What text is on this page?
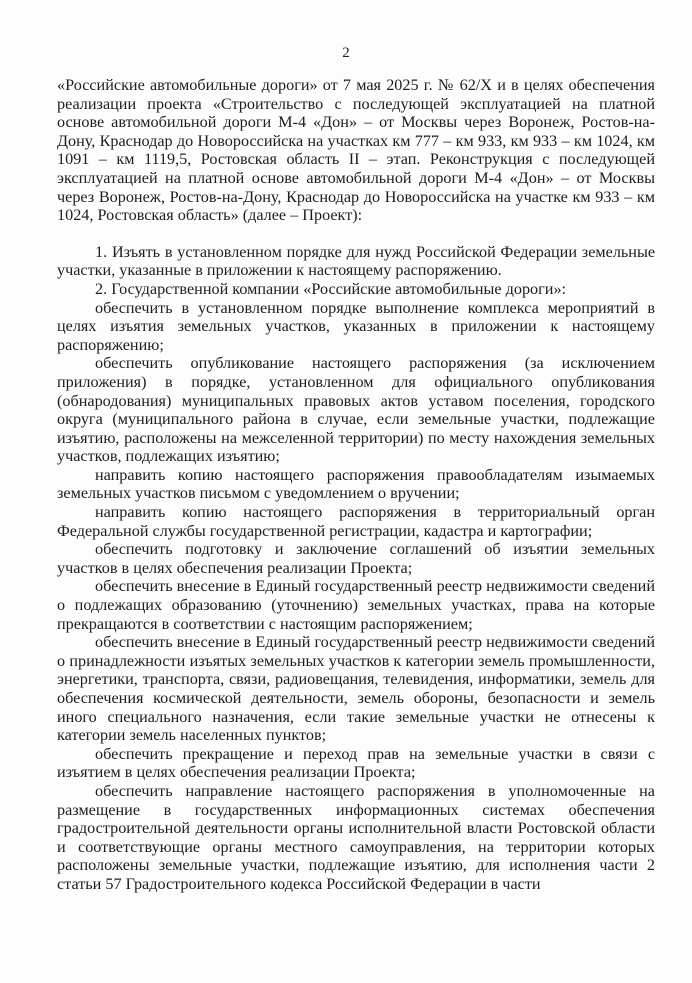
2

«Российские автомобильные дороги» от 7 мая 2025 г. № 62/Х и в целях обеспечения реализации проекта «Строительство с последующей эксплуатацией на платной основе автомобильной дороги М-4 «Дон» – от Москвы через Воронеж, Ростов-на-Дону, Краснодар до Новороссийска на участках км 777 – км 933, км 933 – км 1024, км 1091 – км 1119,5, Ростовская область II – этап. Реконструкция с последующей эксплуатацией на платной основе автомобильной дороги М-4 «Дон» – от Москвы через Воронеж, Ростов-на-Дону, Краснодар до Новороссийска на участке км 933 – км 1024, Ростовская область» (далее – Проект):

1. Изъять в установленном порядке для нужд Российской Федерации земельные участки, указанные в приложении к настоящему распоряжению.

2. Государственной компании «Российские автомобильные дороги»:

обеспечить в установленном порядке выполнение комплекса мероприятий в целях изъятия земельных участков, указанных в приложении к настоящему распоряжению;

обеспечить опубликование настоящего распоряжения (за исключением приложения) в порядке, установленном для официального опубликования (обнародования) муниципальных правовых актов уставом поселения, городского округа (муниципального района в случае, если земельные участки, подлежащие изъятию, расположены на межселенной территории) по месту нахождения земельных участков, подлежащих изъятию;

направить копию настоящего распоряжения правообладателям изымаемых земельных участков письмом с уведомлением о вручении;

направить копию настоящего распоряжения в территориальный орган Федеральной службы государственной регистрации, кадастра и картографии;

обеспечить подготовку и заключение соглашений об изъятии земельных участков в целях обеспечения реализации Проекта;

обеспечить внесение в Единый государственный реестр недвижимости сведений о подлежащих образованию (уточнению) земельных участках, права на которые прекращаются в соответствии с настоящим распоряжением;

обеспечить внесение в Единый государственный реестр недвижимости сведений о принадлежности изъятых земельных участков к категории земель промышленности, энергетики, транспорта, связи, радиовещания, телевидения, информатики, земель для обеспечения космической деятельности, земель обороны, безопасности и земель иного специального назначения, если такие земельные участки не отнесены к категории земель населенных пунктов;

обеспечить прекращение и переход прав на земельные участки в связи с изъятием в целях обеспечения реализации Проекта;

обеспечить направление настоящего распоряжения в уполномоченные на размещение в государственных информационных системах обеспечения градостроительной деятельности органы исполнительной власти Ростовской области и соответствующие органы местного самоуправления, на территории которых расположены земельные участки, подлежащие изъятию, для исполнения части 2 статьи 57 Градостроительного кодекса Российской Федерации в части
